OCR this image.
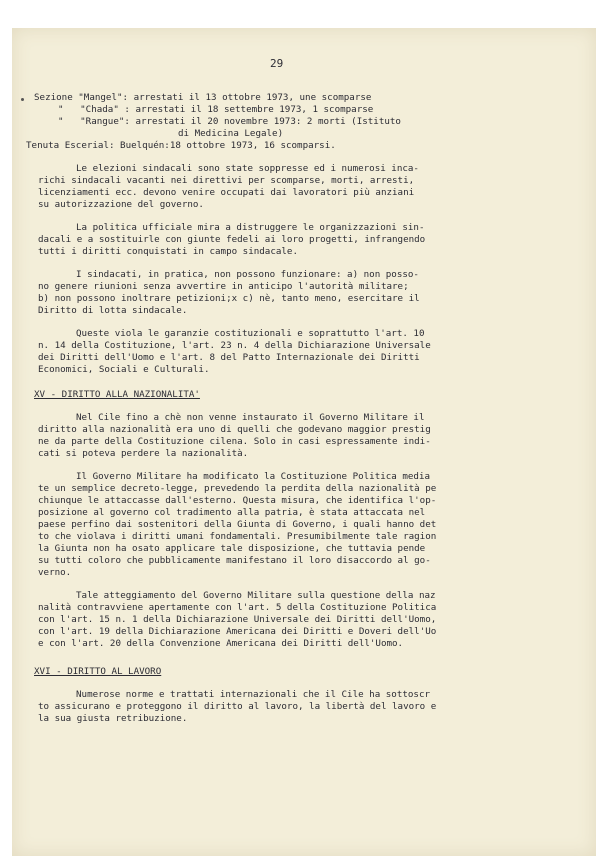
29
Sezione "Mangel": arrestati il 13 ottobre 1973, une scomparse
"   "Chada" : arrestati il 18 settembre 1973, 1 scomparse
"   "Rangue": arrestati il 20 novembre 1973: 2 morti (Istituto
di Medicina Legale)
Tenuta Escerial: Buelquén:18 ottobre 1973, 16 scomparsi.
Le elezioni sindacali sono state soppresse ed i numerosi inca-
richi sindacali vacanti nei direttivi per scomparse, morti, arresti,
licenziamenti ecc. devono venire occupati dai lavoratori più anziani
su autorizzazione del governo.
La politica ufficiale mira a distruggere le organizzazioni sin-
dacali e a sostituirle con giunte fedeli ai loro progetti, infrangendo
tutti i diritti conquistati in campo sindacale.
I sindacati, in pratica, non possono funzionare: a) non posso-
no genere riunioni senza avvertire in anticipo l'autorità militare;
b) non possono inoltrare petizioni;x c) nè, tanto meno, esercitare il
Diritto di lotta sindacale.
Queste viola le garanzie costituzionali e soprattutto l'art. 10
n. 14 della Costituzione, l'art. 23 n. 4 della Dichiarazione Universale
dei Diritti dell'Uomo e l'art. 8 del Patto Internazionale dei Diritti
Economici, Sociali e Culturali.
XV - DIRITTO ALLA NAZIONALITA'
Nel Cile fino a chè non venne instaurato il Governo Militare il
diritto alla nazionalità era uno di quelli che godevano maggior prestig
ne da parte della Costituzione cilena. Solo in casi espressamente indi-
cati si poteva perdere la nazionalità.
Il Governo Militare ha modificato la Costituzione Politica media
te un semplice decreto-legge, prevedendo la perdita della nazionalità pe
chiunque le attaccasse dall'esterno. Questa misura, che identifica l'op-
posizione al governo col tradimento alla patria, è stata attaccata nel
paese perfino dai sostenitori della Giunta di Governo, i quali hanno det
to che violava i diritti umani fondamentali. Presumibilmente tale ragion
la Giunta non ha osato applicare tale disposizione, che tuttavia pende
su tutti coloro che pubblicamente manifestano il loro disaccordo al go-
verno.
Tale atteggiamento del Governo Militare sulla questione della naz
nalità contravviene apertamente con l'art. 5 della Costituzione Politica
con l'art. 15 n. 1 della Dichiarazione Universale dei Diritti dell'Uomo,
con l'art. 19 della Dichiarazione Americana dei Diritti e Doveri dell'Uo
e con l'art. 20 della Convenzione Americana dei Diritti dell'Uomo.
XVI - DIRITTO AL LAVORO
Numerose norme e trattati internazionali che il Cile ha sottoscr
to assicurano e proteggono il diritto al lavoro, la libertà del lavoro e
la sua giusta retribuzione.
